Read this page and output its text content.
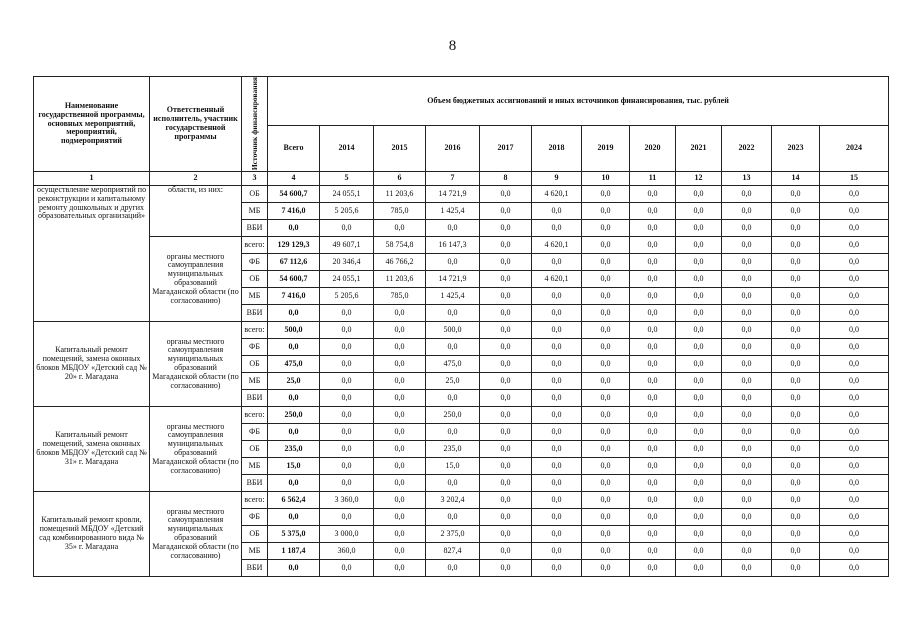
8
Наименование государственной программы, основных мероприятий, мероприятий, подмероприятий	Ответственный исполнитель, участник государственной программы	Источник финансирования	Объем бюджетных ассигнований и иных источников финансирования, тыс. рублей											
			Всего	2014	2015	2016	2017	2018	2019	2020	2021	2022	2023	2024
1	2	3	4	5	6	7	8	9	10	11	12	13	14	15
осуществление мероприятий по реконструкции и капитальному ремонту дошкольных и других образовательных организаций»	области, из них:	ОБ	54 600,7	24 055,1	11 203,6	14 721,9	0,0	4 620,1	0,0	0,0	0,0	0,0	0,0	0,0
		МБ	7 416,0	5 205,6	785,0	1 425,4	0,0	0,0	0,0	0,0	0,0	0,0	0,0	0,0
		ВБИ	0,0	0,0	0,0	0,0	0,0	0,0	0,0	0,0	0,0	0,0	0,0	0,0
	органы местного самоуправления муниципальных образований Магаданской области (по согласованию)	всего:	129 129,3	49 607,1	58 754,8	16 147,3	0,0	4 620,1	0,0	0,0	0,0	0,0	0,0	0,0
		ФБ	67 112,6	20 346,4	46 766,2	0,0	0,0	0,0	0,0	0,0	0,0	0,0	0,0	0,0
		ОБ	54 600,7	24 055,1	11 203,6	14 721,9	0,0	4 620,1	0,0	0,0	0,0	0,0	0,0	0,0
		МБ	7 416,0	5 205,6	785,0	1 425,4	0,0	0,0	0,0	0,0	0,0	0,0	0,0	0,0
		ВБИ	0,0	0,0	0,0	0,0	0,0	0,0	0,0	0,0	0,0	0,0	0,0	0,0
Капитальный ремонт помещений, замена оконных блоков МБДОУ «Детский сад № 20» г. Магадана	органы местного самоуправления муниципальных образований Магаданской области (по согласованию)	всего:	500,0	0,0	0,0	500,0	0,0	0,0	0,0	0,0	0,0	0,0	0,0	0,0
		ФБ	0,0	0,0	0,0	0,0	0,0	0,0	0,0	0,0	0,0	0,0	0,0	0,0
		ОБ	475,0	0,0	0,0	475,0	0,0	0,0	0,0	0,0	0,0	0,0	0,0	0,0
		МБ	25,0	0,0	0,0	25,0	0,0	0,0	0,0	0,0	0,0	0,0	0,0	0,0
		ВБИ	0,0	0,0	0,0	0,0	0,0	0,0	0,0	0,0	0,0	0,0	0,0	0,0
Капитальный ремонт помещений, замена оконных блоков МБДОУ «Детский сад № 31» г. Магадана	органы местного самоуправления муниципальных образований Магаданской области (по согласованию)	всего:	250,0	0,0	0,0	250,0	0,0	0,0	0,0	0,0	0,0	0,0	0,0	0,0
		ФБ	0,0	0,0	0,0	0,0	0,0	0,0	0,0	0,0	0,0	0,0	0,0	0,0
		ОБ	235,0	0,0	0,0	235,0	0,0	0,0	0,0	0,0	0,0	0,0	0,0	0,0
		МБ	15,0	0,0	0,0	15,0	0,0	0,0	0,0	0,0	0,0	0,0	0,0	0,0
		ВБИ	0,0	0,0	0,0	0,0	0,0	0,0	0,0	0,0	0,0	0,0	0,0	0,0
Капитальный ремонт кровли, помещений МБДОУ «Детский сад комбинированного вида № 35» г. Магадана	органы местного самоуправления муниципальных образований Магаданской области (по согласованию)	всего:	6 562,4	3 360,0	0,0	3 202,4	0,0	0,0	0,0	0,0	0,0	0,0	0,0	0,0
		ФБ	0,0	0,0	0,0	0,0	0,0	0,0	0,0	0,0	0,0	0,0	0,0	0,0
		ОБ	5 375,0	3 000,0	0,0	2 375,0	0,0	0,0	0,0	0,0	0,0	0,0	0,0	0,0
		МБ	1 187,4	360,0	0,0	827,4	0,0	0,0	0,0	0,0	0,0	0,0	0,0	0,0
		ВБИ	0,0	0,0	0,0	0,0	0,0	0,0	0,0	0,0	0,0	0,0	0,0	0,0
